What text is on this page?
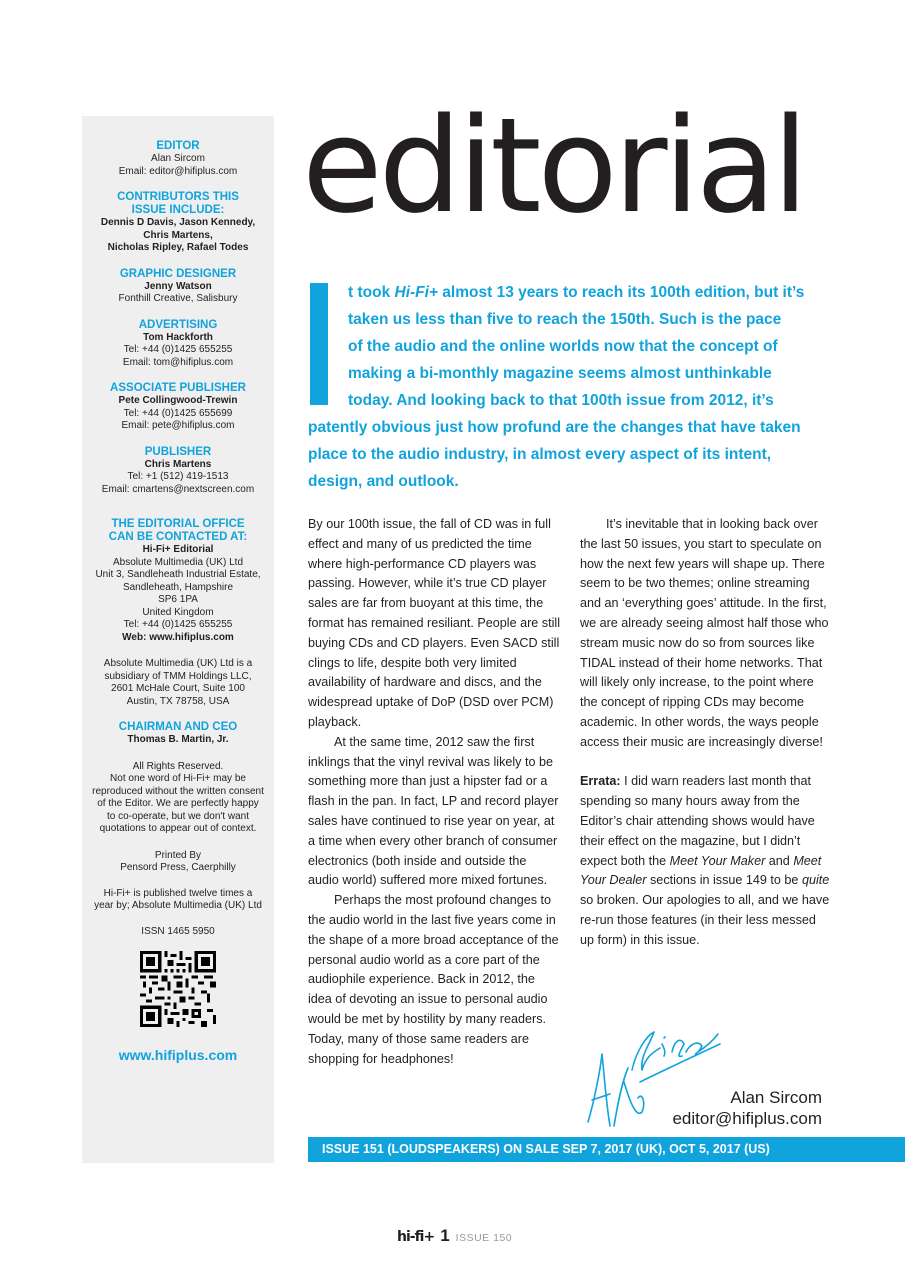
EDITOR
Alan Sircom
Email: editor@hifiplus.com
CONTRIBUTORS THIS
ISSUE INCLUDE:
Dennis D Davis, Jason Kennedy,
Chris Martens,
Nicholas Ripley, Rafael Todes
GRAPHIC DESIGNER
Jenny Watson
Fonthill Creative, Salisbury
ADVERTISING
Tom Hackforth
Tel: +44 (0)1425 655255
Email: tom@hifiplus.com
ASSOCIATE PUBLISHER
Pete Collingwood-Trewin
Tel: +44 (0)1425 655699
Email: pete@hifiplus.com
PUBLISHER
Chris Martens
Tel: +1 (512) 419-1513
Email: cmartens@nextscreen.com
THE EDITORIAL OFFICE
CAN BE CONTACTED AT:
Hi-Fi+ Editorial
Absolute Multimedia (UK) Ltd
Unit 3, Sandleheath Industrial Estate,
Sandleheath, Hampshire
SP6 1PA
United Kingdom
Tel: +44 (0)1425 655255
Web: www.hifiplus.com
Absolute Multimedia (UK) Ltd is a
subsidiary of TMM Holdings LLC,
2601 McHale Court, Suite 100
Austin, TX 78758, USA
CHAIRMAN AND CEO
Thomas B. Martin, Jr.
All Rights Reserved.
Not one word of Hi-Fi+ may be
reproduced without the written consent
of the Editor. We are perfectly happy
to co-operate, but we don't want
quotations to appear out of context.
Printed By
Pensord Press, Caerphilly
Hi-Fi+ is published twelve times a
year by; Absolute Multimedia (UK) Ltd
ISSN 1465 5950
www.hifiplus.com
editorial
t took Hi-Fi+ almost 13 years to reach its 100th edition, but it’s
taken us less than five to reach the 150th. Such is the pace
of the audio and the online worlds now that the concept of
making a bi-monthly magazine seems almost unthinkable
today. And looking back to that 100th issue from 2012, it’s
patently obvious just how profund are the changes that have taken
place to the audio industry, in almost every aspect of its intent,
design, and outlook.

By our 100th issue, the fall of CD was in full effect and many of us predicted the time where high-performance CD players was passing. However, while it’s true CD player sales are far from buoyant at this time, the format has remained resiliant. People are still buying CDs and CD players. Even SACD still clings to life, despite both very limited availability of hardware and discs, and the widespread uptake of DoP (DSD over PCM) playback.

At the same time, 2012 saw the first inklings that the vinyl revival was likely to be something more than just a hipster fad or a flash in the pan. In fact, LP and record player sales have continued to rise year on year, at a time when every other branch of consumer electronics (both inside and outside the audio world) suffered more mixed fortunes.

Perhaps the most profound changes to the audio world in the last five years come in the shape of a more broad acceptance of the personal audio world as a core part of the audiophile experience. Back in 2012, the idea of devoting an issue to personal audio would be met by hostility by many readers. Today, many of those same readers are shopping for headphones!

It’s inevitable that in looking back over the last 50 issues, you start to speculate on how the next few years will shape up. There seem to be two themes; online streaming and an ‘everything goes’ attitude. In the first, we are already seeing almost half those who stream music now do so from sources like TIDAL instead of their home networks. That will likely only increase, to the point where the concept of ripping CDs may become academic. In other words, the ways people access their music are increasingly diverse!

Errata: I did warn readers last month that spending so many hours away from the Editor’s chair attending shows would have their effect on the magazine, but I didn’t expect both the Meet Your Maker and Meet Your Dealer sections in issue 149 to be quite so broken. Our apologies to all, and we have re-run those features (in their less messed up form) in this issue.

Alan Sircom
editor@hifiplus.com
ISSUE 151 (LOUDSPEAKERS) ON SALE SEP 7, 2017 (UK), OCT 5, 2017 (US)
hi-fi+ 1 ISSUE 150
